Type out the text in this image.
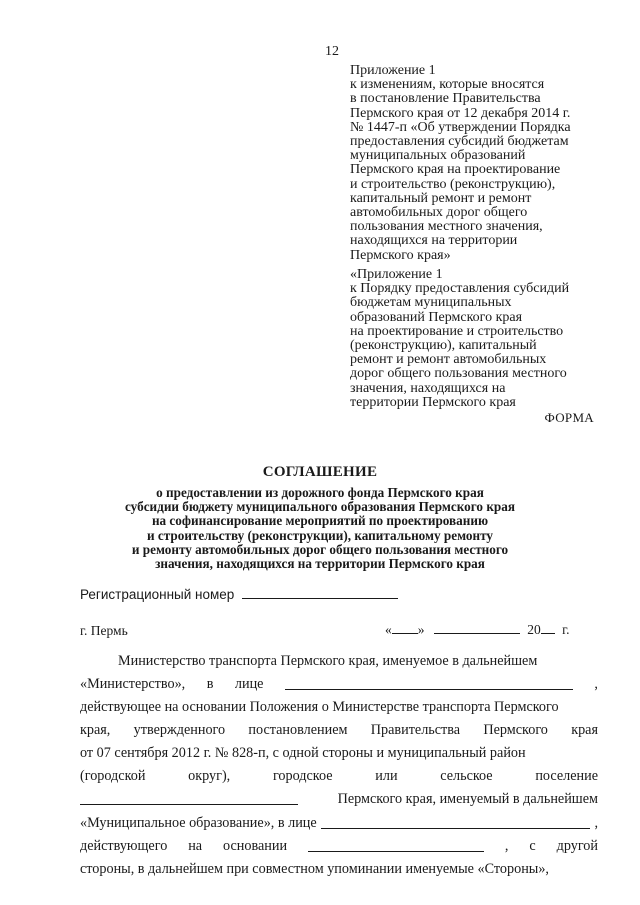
12
Приложение 1
к изменениям, которые вносятся
в постановление Правительства
Пермского края от 12 декабря 2014 г.
№ 1447-п «Об утверждении Порядка
предоставления субсидий бюджетам
муниципальных образований
Пермского края на проектирование
и строительство (реконструкцию),
капитальный ремонт и ремонт
автомобильных дорог общего
пользования местного значения,
находящихся на территории
Пермского края»
«Приложение 1
к Порядку предоставления субсидий
бюджетам муниципальных
образований Пермского края
на проектирование и строительство
(реконструкцию), капитальный
ремонт и ремонт автомобильных
дорог общего пользования местного
значения, находящихся на
территории Пермского края
ФОРМА
СОГЛАШЕНИЕ
о предоставлении из дорожного фонда Пермского края
субсидии бюджету муниципального образования Пермского края
на софинансирование мероприятий по проектированию
и строительству (реконструкции), капитальному ремонту
и ремонту автомобильных дорог общего пользования местного
значения, находящихся на территории Пермского края
Регистрационный номер
г. Пермь	« »	20 г.
Министерство транспорта Пермского края, именуемое в дальнейшем
«Министерство», в лице	,
действующее на основании Положения о Министерстве транспорта Пермского
края, утвержденного постановлением Правительства Пермского края
от 07 сентября 2012 г. № 828-п, с одной стороны и муниципальный район
(городской	округ),	городское	или	сельское	поселение
Пермского края, именуемый в дальнейшем
«Муниципальное образование», в лице	,
действующего на основании	, с другой
стороны, в дальнейшем при совместном упоминании именуемые «Стороны»,
